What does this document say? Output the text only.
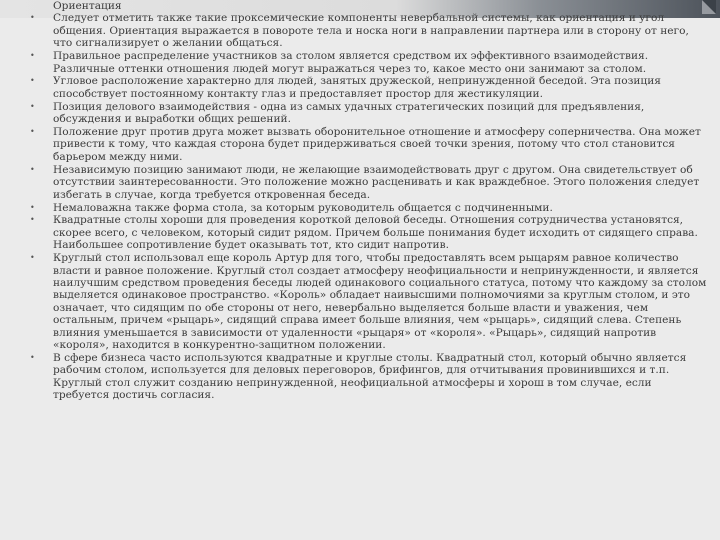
Ориентация
• Следует отметить также такие проксемические компоненты невербальной системы, как ориентация и угол общения. Ориентация выражается в повороте тела и носка ноги в направлении партнера или в сторону от него, что сигнализирует о желании общаться.
• Правильное распределение участников за столом является средством их эффективного взаимодействия. Различные оттенки отношения людей могут выражаться через то, какое место они занимают за столом.
• Угловое расположение характерно для людей, занятых дружеской, непринужденной беседой. Эта позиция способствует постоянному контакту глаз и предоставляет простор для жестикуляции.
• Позиция делового взаимодействия - одна из самых удачных стратегических позиций для предъявления, обсуждения и выработки общих решений.
• Положение друг против друга может вызвать оборонительное отношение и атмосферу соперничества. Она может привести к тому, что каждая сторона будет придерживаться своей точки зрения, потому что стол становится барьером между ними.
• Независимую позицию занимают люди, не желающие взаимодействовать друг с другом. Она свидетельствует об отсутствии заинтересованности. Это положение можно расценивать и как враждебное. Этого положения следует избегать в случае, когда требуется откровенная беседа.
• Немаловажна также форма стола, за которым руководитель общается с подчиненными.
• Квадратные столы хороши для проведения короткой деловой беседы. Отношения сотрудничества установятся, скорее всего, с человеком, который сидит рядом. Причем больше понимания будет исходить от сидящего справа. Наибольшее сопротивление будет оказывать тот, кто сидит напротив.
• Круглый стол использовал еще король Артур для того, чтобы предоставлять всем рыцарям равное количество власти и равное положение. Круглый стол создает атмосферу неофициальности и непринужденности, и является наилучшим средством проведения беседы людей одинакового социального статуса, потому что каждому за столом выделяется одинаковое пространство. «Король» обладает наивысшими полномочиями за круглым столом, и это означает, что сидящим по обе стороны от него, невербально выделяется больше власти и уважения, чем остальным, причем «рыцарь», сидящий справа имеет больше влияния, чем «рыцарь», сидящий слева. Степень влияния уменьшается в зависимости от удаленности «рыцаря» от «короля». «Рыцарь», сидящий напротив «короля», находится в конкурентно-защитном положении.
• В сфере бизнеса часто используются квадратные и круглые столы. Квадратный стол, который обычно является рабочим столом, используется для деловых переговоров, брифингов, для отчитывания провинившихся и т.п. Круглый стол служит созданию непринужденной, неофициальной атмосферы и хорош в том случае, если требуется достичь согласия.
